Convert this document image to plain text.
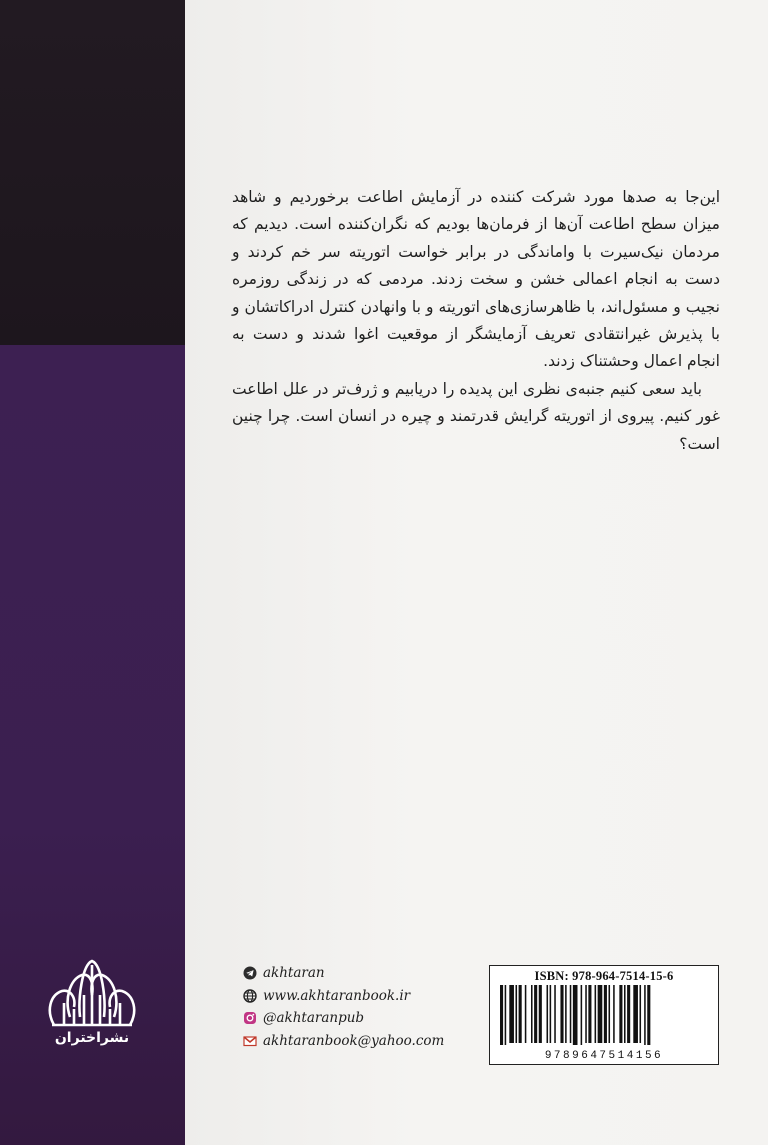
این‌جا به صدها مورد شرکت کننده در آزمایش اطاعت برخوردیم و شاهد میزان سطح اطاعت آن‌ها از فرمان‌ها بودیم که نگران‌کننده است. دیدیم که مردمان نیک‌سیرت با واماندگی در برابر خواست اتوریته سر خم کردند و دست به انجام اعمالی خشن و سخت زدند. مردمی که در زندگی روزمره نجیب و مسئول‌اند، با ظاهرسازی‌های اتوریته و با وانهادن کنترل ادراکاتشان و با پذیرش غیرانتقادی تعریف آزمایشگر از موقعیت اغوا شدند و دست به انجام اعمال وحشتناک زدند.

باید سعی کنیم جنبه‌ی نظری این پدیده را دریابیم و ژرف‌تر در علل اطاعت غور کنیم. پیروی از اتوریته گرایش قدرتمند و چیره در انسان است. چرا چنین است؟

نشراختران
akhtaran
www.akhtaranbook.ir
@akhtaranpub
akhtaranbook@yahoo.com
ISBN: 978-964-7514-15-6
9789647514156
